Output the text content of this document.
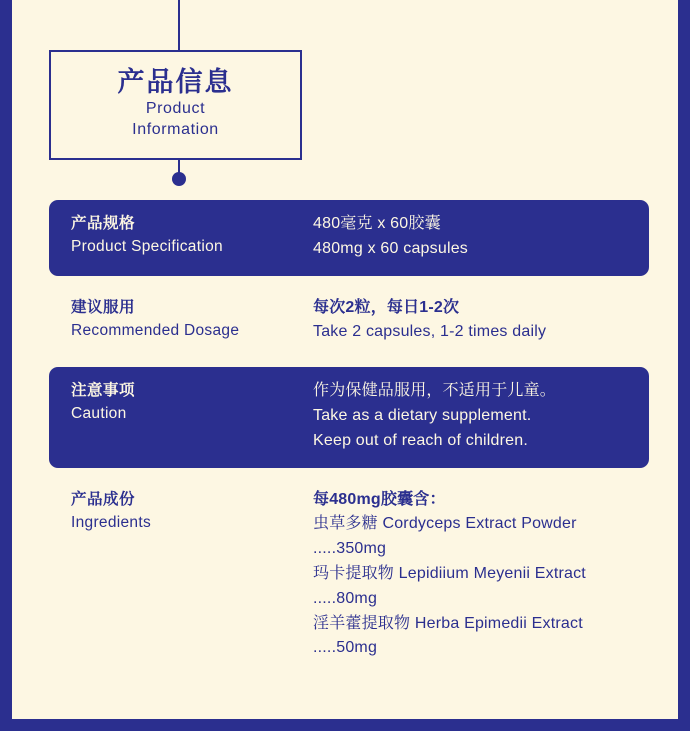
产品信息
Product
Information
产品规格
Product Specification
480毫克 x 60胶囊
480mg x 60 capsules
建议服用
Recommended Dosage
每次2粒，每日1-2次
Take 2 capsules, 1-2 times daily
注意事项
Caution
作为保健品服用，不适用于儿童。
Take as a dietary supplement.
Keep out of reach of children.
产品成份
Ingredients
每480mg胶囊含：
虫草多糖 Cordyceps Extract Powder
.....350mg
玛卡提取物 Lepidiium Meyenii Extract
.....80mg
淫羊藿提取物 Herba Epimedii Extract
.....50mg
